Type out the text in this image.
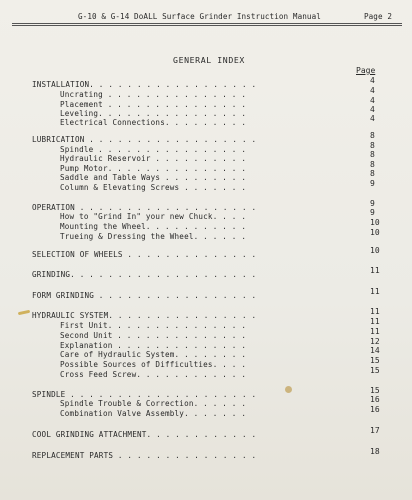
G-10 & G-14 DoALL Surface Grinder Instruction Manual	Page 2
GENERAL INDEX
Page
INSTALLATION. . . . . . . . . . . . . . . . . .
Uncrating . . . . . . . . . . . . . . .
Placement . . . . . . . . . . . . . . .
Leveling. . . . . . . . . . . . . . . .
Electrical Connections. . . . . . . . .
LUBRICATION . . . . . . . . . . . . . . . . . .
Spindle . . . . . . . . . . . . . . . .
Hydraulic Reservoir . . . . . . . . . .
Pump Motor. . . . . . . . . . . . . . .
Saddle and Table Ways . . . . . . . . .
Column & Elevating Screws . . . . . . .
OPERATION . . . . . . . . . . . . . . . . . . .
How to "Grind In" your new Chuck. . . .
Mounting the Wheel. . . . . . . . . . .
Trueing & Dressing the Wheel. . . . . .
SELECTION OF WHEELS . . . . . . . . . . . . . .
GRINDING. . . . . . . . . . . . . . . . . . . .
FORM GRINDING . . . . . . . . . . . . . . . . .
HYDRAULIC SYSTEM. . . . . . . . . . . . . . . .
First Unit. . . . . . . . . . . . . . .
Second Unit . . . . . . . . . . . . . .
Explanation . . . . . . . . . . . . . .
Care of Hydraulic System. . . . . . . .
Possible Sources of Difficulties. . . .
Cross Feed Screw. . . . . . . . . . . .
SPINDLE . . . . . . . . . . . . . . . . . . . .
Spindle Trouble & Correction. . . . . .
Combination Valve Assembly. . . . . . .
COOL GRINDING ATTACHMENT. . . . . . . . . . . .
REPLACEMENT PARTS . . . . . . . . . . . . . . .
4
4
4
4
4
8
8
8
8
8
9
9
9
10
10
10
11
11
11
11
11
12
14
15
15
15
16
16
17
18
